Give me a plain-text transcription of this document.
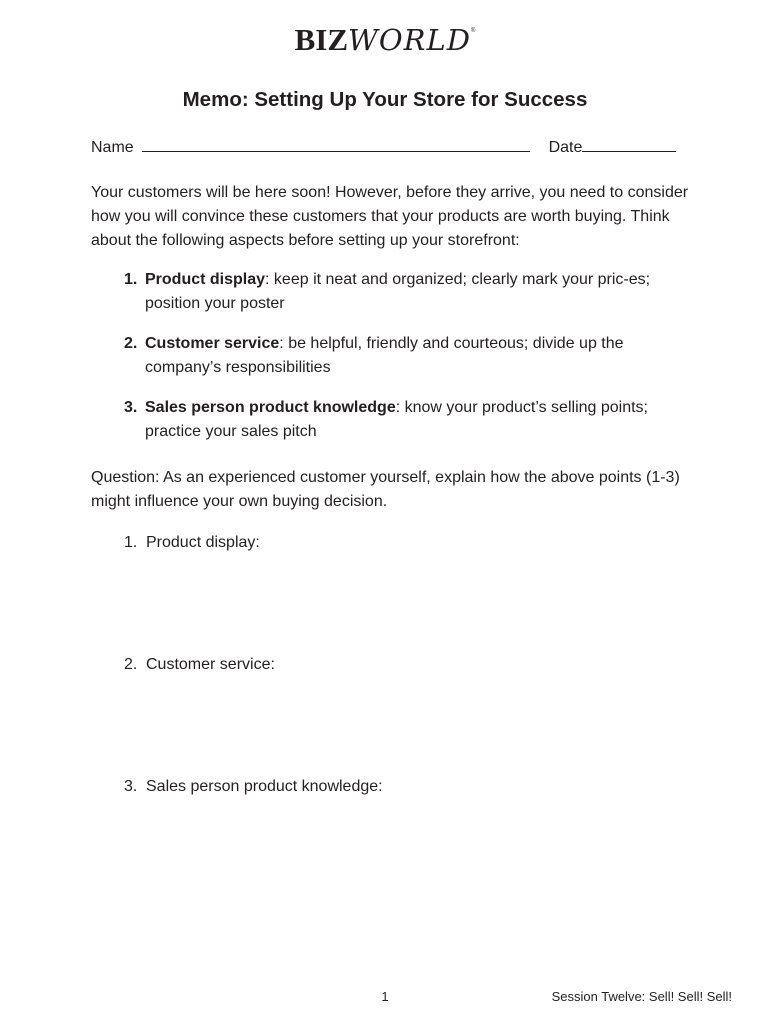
BIZWORLD®
Memo: Setting Up Your Store for Success
Name	Date
Your customers will be here soon! However, before they arrive, you need to consider how you will convince these customers that your products are worth buying. Think about the following aspects before setting up your storefront:
1. Product display: keep it neat and organized; clearly mark your pric-es; position your poster
2. Customer service: be helpful, friendly and courteous; divide up the company’s responsibilities
3. Sales person product knowledge: know your product’s selling points; practice your sales pitch
Question: As an experienced customer yourself, explain how the above points (1-3) might influence your own buying decision.
1. Product display:
2. Customer service:
3. Sales person product knowledge:
1	Session Twelve: Sell! Sell! Sell!
